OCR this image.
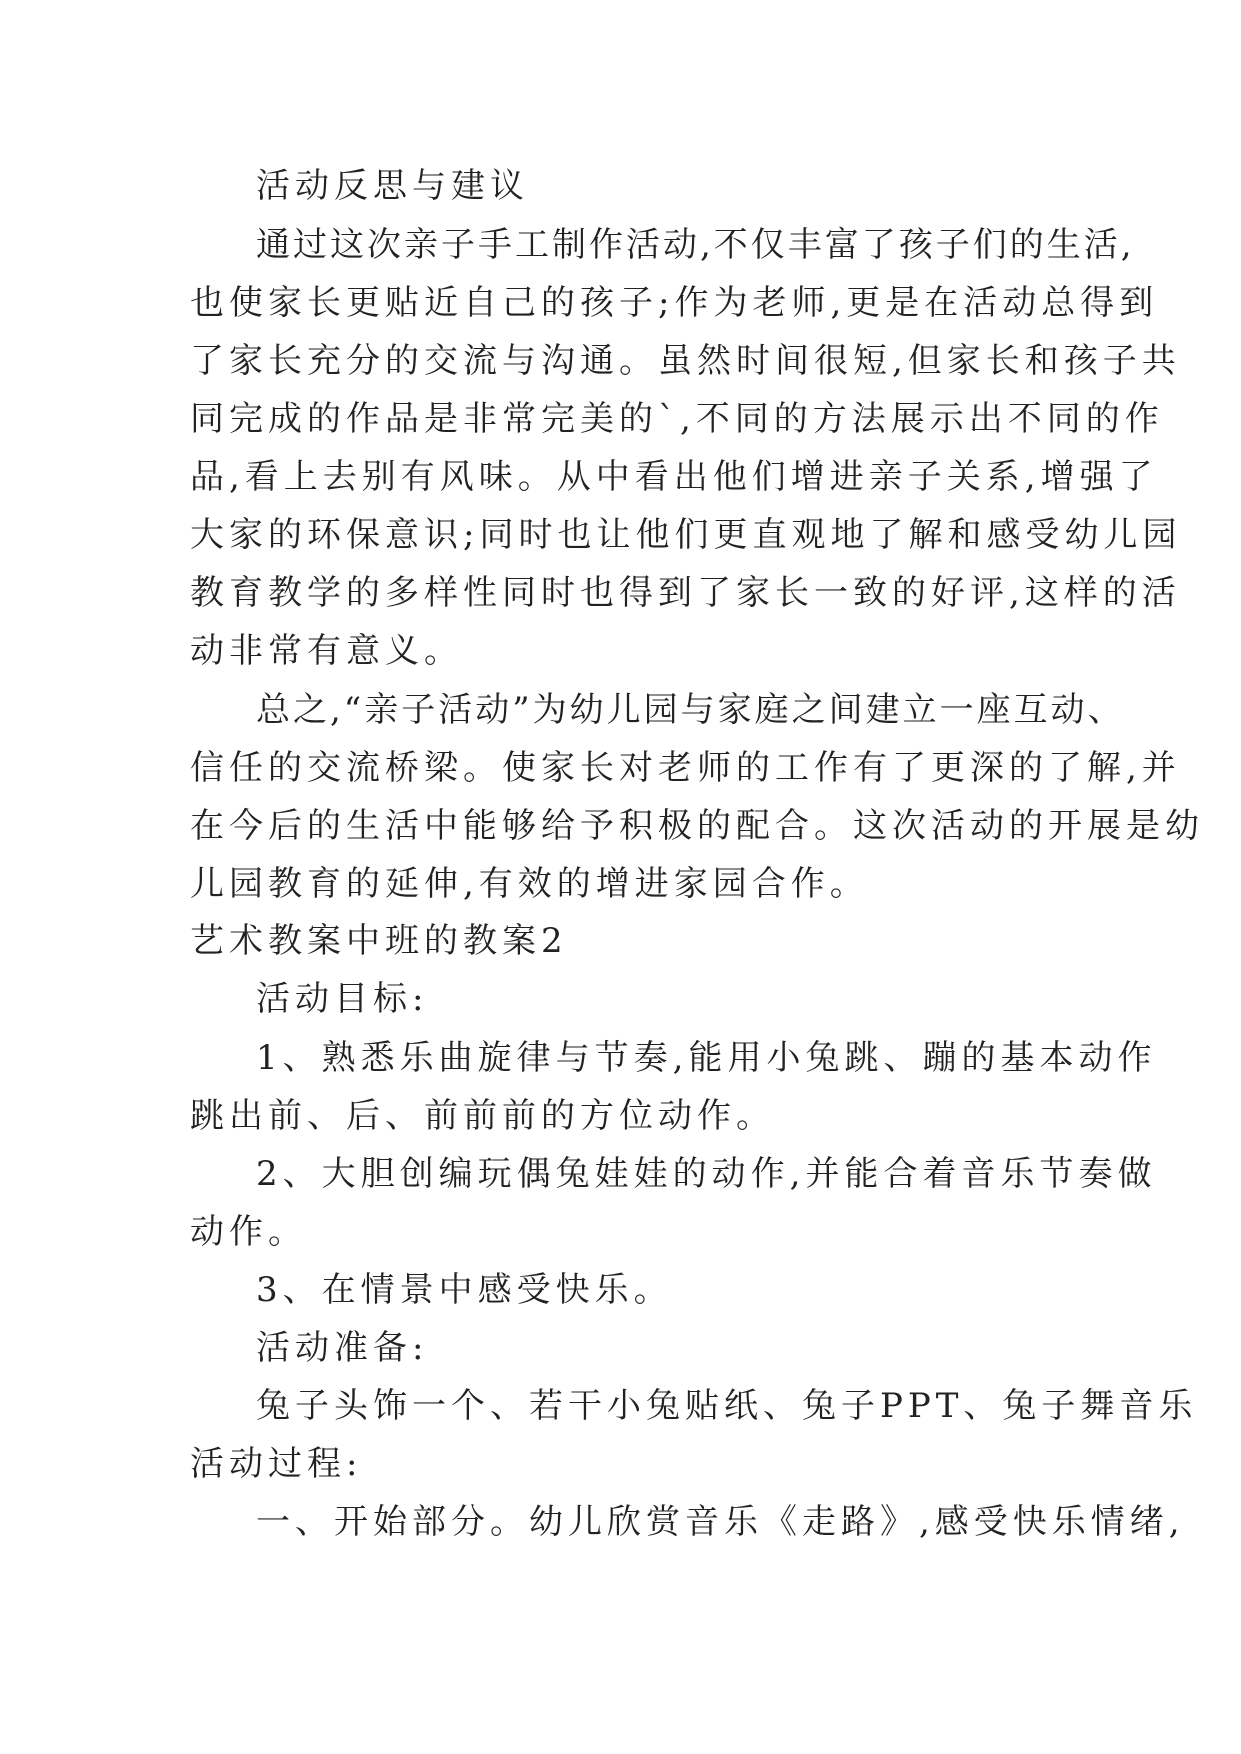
活动反思与建议
通过这次亲子手工制作活动,不仅丰富了孩子们的生活,
也使家长更贴近自己的孩子;作为老师,更是在活动总得到
了家长充分的交流与沟通。虽然时间很短,但家长和孩子共
同完成的作品是非常完美的`,不同的方法展示出不同的作
品,看上去别有风味。从中看出他们增进亲子关系,增强了
大家的环保意识;同时也让他们更直观地了解和感受幼儿园
教育教学的多样性同时也得到了家长一致的好评,这样的活
动非常有意义。
总之,“亲子活动”为幼儿园与家庭之间建立一座互动、
信任的交流桥梁。使家长对老师的工作有了更深的了解,并
在今后的生活中能够给予积极的配合。这次活动的开展是幼
儿园教育的延伸,有效的增进家园合作。
艺术教案中班的教案2
活动目标:
1、熟悉乐曲旋律与节奏,能用小兔跳、蹦的基本动作
跳出前、后、前前前的方位动作。
2、大胆创编玩偶兔娃娃的动作,并能合着音乐节奏做
动作。
3、在情景中感受快乐。
活动准备:
兔子头饰一个、若干小兔贴纸、兔子PPT、兔子舞音乐
活动过程:
一、开始部分。幼儿欣赏音乐《走路》,感受快乐情绪,
